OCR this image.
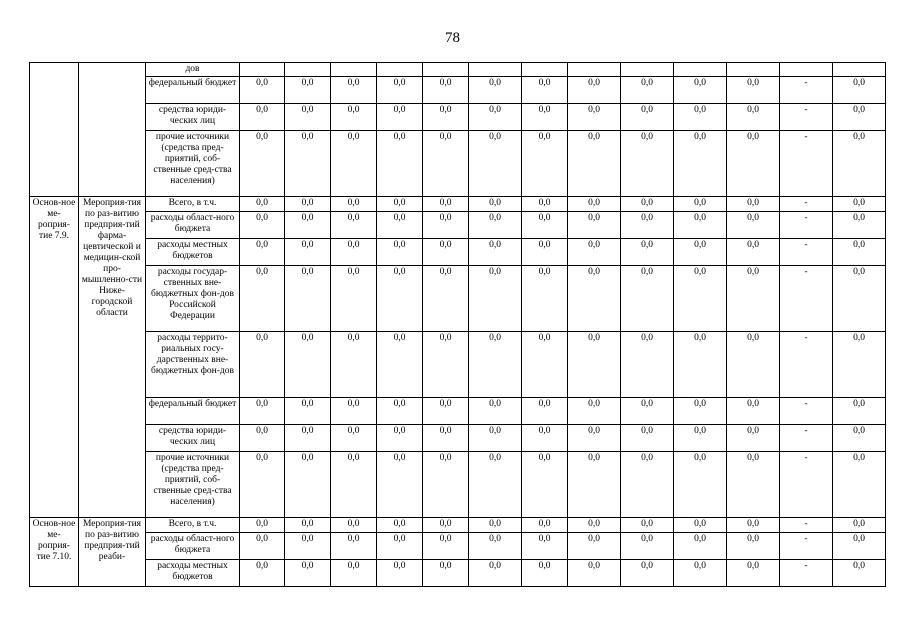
78
		дов													
		федеральный бюджет	0,0	0,0	0,0	0,0	0,0	0,0	0,0	0,0	0,0	0,0	0,0	-	0,0
		средства юриди-ческих лиц	0,0	0,0	0,0	0,0	0,0	0,0	0,0	0,0	0,0	0,0	0,0	-	0,0
		прочие источники (средства пред-приятий, соб-ственные сред-ства населения)	0,0	0,0	0,0	0,0	0,0	0,0	0,0	0,0	0,0	0,0	0,0	-	0,0
Основ-ное ме-роприя-тие 7.9.	Мероприя-тия по раз-витию предприя-тий фарма-цевтической и медицин-ской про-мышленно-сти Ниже-городской области	Всего, в т.ч.	0,0	0,0	0,0	0,0	0,0	0,0	0,0	0,0	0,0	0,0	0,0	-	0,0
		расходы област-ного бюджета	0,0	0,0	0,0	0,0	0,0	0,0	0,0	0,0	0,0	0,0	0,0	-	0,0
		расходы местных бюджетов	0,0	0,0	0,0	0,0	0,0	0,0	0,0	0,0	0,0	0,0	0,0	-	0,0
		расходы государ-ственных вне-бюджетных фон-дов Российской Федерации	0,0	0,0	0,0	0,0	0,0	0,0	0,0	0,0	0,0	0,0	0,0	-	0,0
		расходы террито-риальных госу-дарственных вне-бюджетных фон-дов	0,0	0,0	0,0	0,0	0,0	0,0	0,0	0,0	0,0	0,0	0,0	-	0,0
		федеральный бюджет	0,0	0,0	0,0	0,0	0,0	0,0	0,0	0,0	0,0	0,0	0,0	-	0,0
		средства юриди-ческих лиц	0,0	0,0	0,0	0,0	0,0	0,0	0,0	0,0	0,0	0,0	0,0	-	0,0
		прочие источники (средства пред-приятий, соб-ственные сред-ства населения)	0,0	0,0	0,0	0,0	0,0	0,0	0,0	0,0	0,0	0,0	0,0	-	0,0
Основ-ное ме-роприя-тие 7.10.	Мероприя-тия по раз-витию предприя-тий реаби-	Всего, в т.ч.	0,0	0,0	0,0	0,0	0,0	0,0	0,0	0,0	0,0	0,0	0,0	-	0,0
		расходы област-ного бюджета	0,0	0,0	0,0	0,0	0,0	0,0	0,0	0,0	0,0	0,0	0,0	-	0,0
		расходы местных бюджетов	0,0	0,0	0,0	0,0	0,0	0,0	0,0	0,0	0,0	0,0	0,0	-	0,0
